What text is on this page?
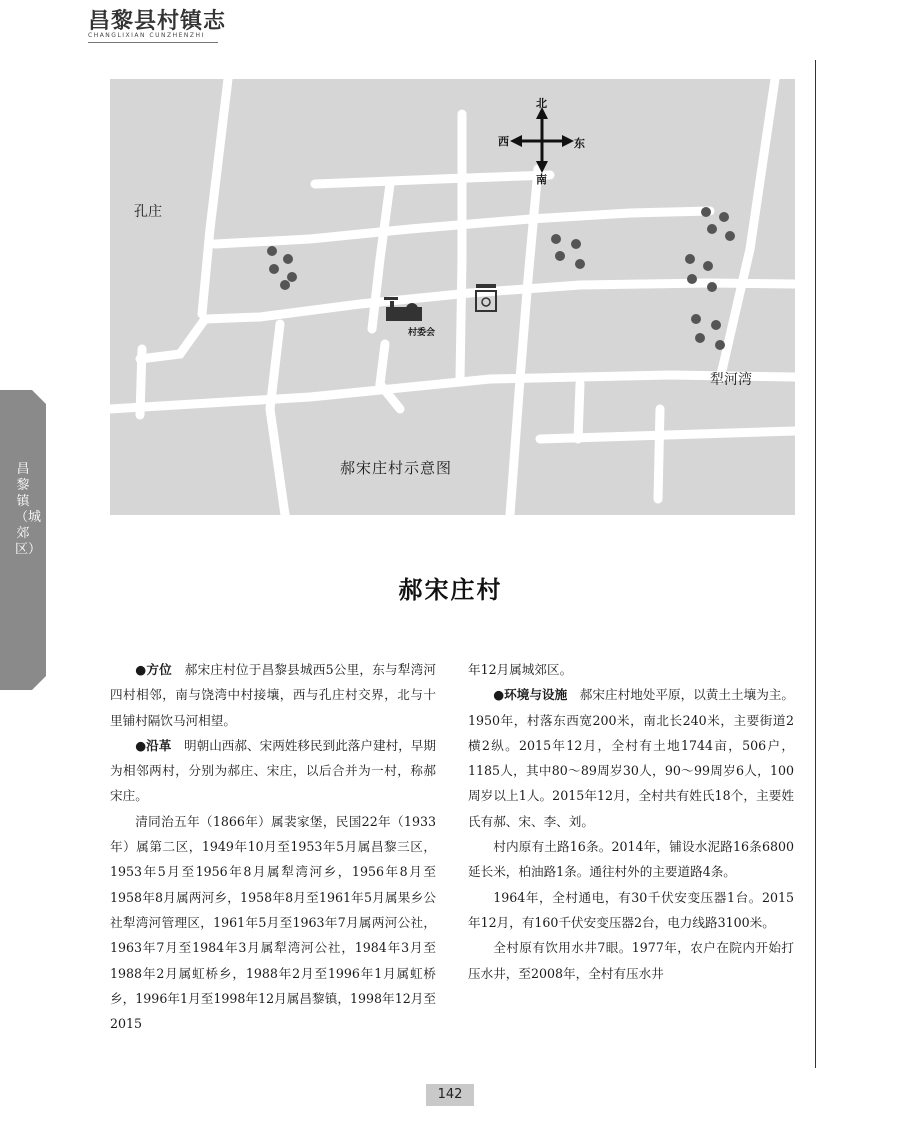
昌黎县村镇志
CHANGLIXIAN CUNZHENZHI
昌黎镇（城郊区）
北
南
西	东
孔庄
犁河湾
村委会
郝宋庄村示意图
郝宋庄村

●方位　郝宋庄村位于昌黎县城西5公里，东与犁湾河四村相邻，南与饶湾中村接壤，西与孔庄村交界，北与十里铺村隔饮马河相望。

●沿革　明朝山西郝、宋两姓移民到此落户建村，早期为相邻两村，分别为郝庄、宋庄，以后合并为一村，称郝宋庄。

清同治五年（1866年）属裴家堡，民国22年（1933年）属第二区，1949年10月至1953年5月属昌黎三区，1953年5月至1956年8月属犁湾河乡，1956年8月至1958年8月属两河乡，1958年8月至1961年5月属果乡公社犁湾河管理区，1961年5月至1963年7月属两河公社，1963年7月至1984年3月属犁湾河公社，1984年3月至1988年2月属虹桥乡，1988年2月至1996年1月属虹桥乡，1996年1月至1998年12月属昌黎镇，1998年12月至2015

年12月属城郊区。

●环境与设施　郝宋庄村地处平原，以黄土土壤为主。1950年，村落东西宽200米，南北长240米，主要街道2横2纵。2015年12月，全村有土地1744亩，506户，1185人，其中80～89周岁30人，90～99周岁6人，100周岁以上1人。2015年12月，全村共有姓氏18个，主要姓氏有郝、宋、李、刘。

村内原有土路16条。2014年，铺设水泥路16条6800延长米，柏油路1条。通往村外的主要道路4条。

1964年，全村通电，有30千伏安变压器1台。2015年12月，有160千伏安变压器2台，电力线路3100米。

全村原有饮用水井7眼。1977年，农户在院内开始打压水井，至2008年，全村有压水井

142
